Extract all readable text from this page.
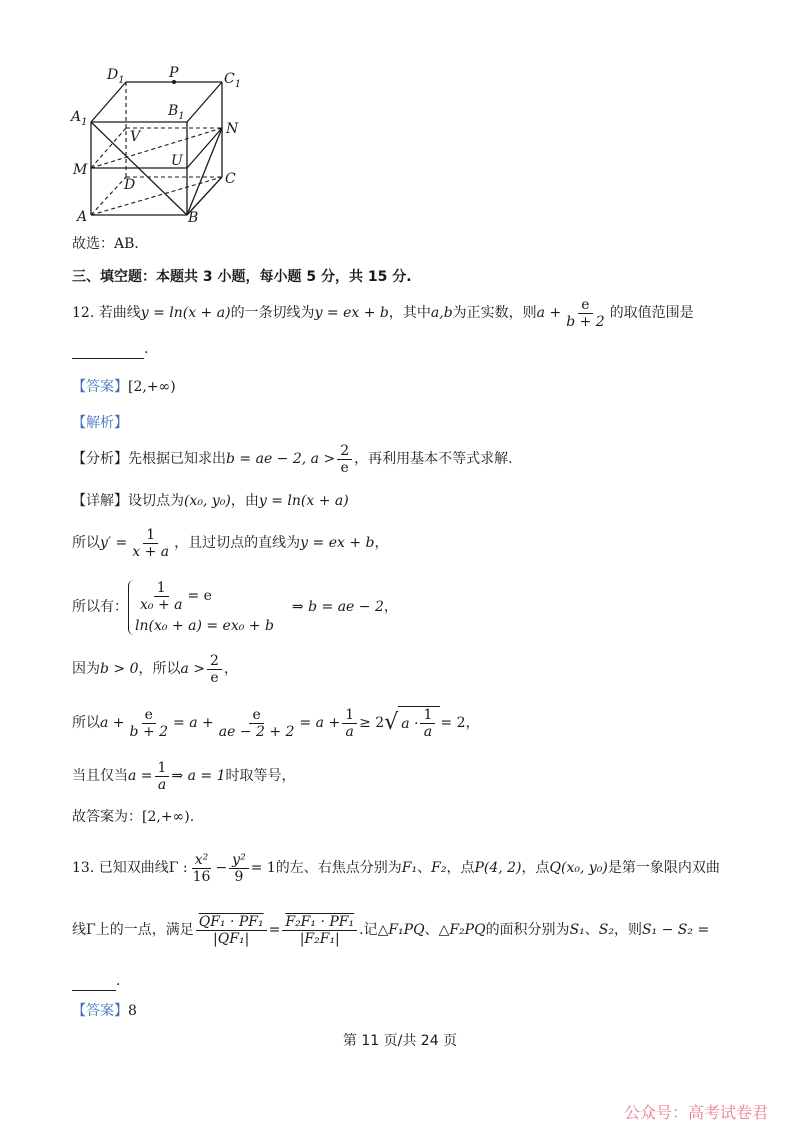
$D_1$	P	$C_1$
$A_1$
$B_1$
N
V
M
U
C
D
A	B
故选：AB．
三、填空题：本题共 3 小题，每小题 5 分，共 15 分.
12.
若曲线 y = ln(x + a) 的一条切线为 y = ex + b ，其中 a,b 为正实数，则 $a + \frac{e}{b + 2}$ 的取值范围是
.
【答案】[2,+∞)
【解析】
【分析】 先根据已知求出 b = ae − 2, $a > \frac{2}{e}$ ，再利用基本不等式求解.
【详解】 设切点为 (x₀, y₀) ，由 y = ln(x + a)
所以 $y' = \frac{1}{x + a}$ ，且过切点的直线为 y = ex + b ，
所以有： $\frac{1}{\text{x₀ + a}} = e$
ln(x₀ + a) = ex₀ + b
⇒ b = ae − 2 ，
因为 b > 0 ，所以 $a > \frac{2}{e}$ ，
所以 $a + \frac{e}{b + 2} = a + \frac{e}{ae - 2 + 2} = a + \frac{1}{a} \ge 2$ √ $a \cdot \frac{1}{a} = 2$ ，
当且仅当 $a = \frac{1}{a}$ ⇒ a = 1 时取等号，
故答案为：[2,+∞).
13.
已知双曲线 Γ : $\frac{\text{x²}}{16} - \frac{\text{y²}}{9} = 1$ 的左、右焦点分别为 F₁ 、 F₂ ，点 P(4, 2) ，点 Q(x₀, y₀) 是第一象限内双曲
线 Γ 上的一点，满足 $\frac{\text{QF₁ · PF₁}}{\text{|QF₁|}} = \frac{\text{F₂F₁ · PF₁}}{\text{|F₂F₁|}}$ .记 △F₁PQ 、 △F₂PQ 的面积分别为 S₁ 、 S₂ ，则 S₁ − S₂ =
.
【答案】8
第 11 页/共 24 页
公众号：高考试卷君
